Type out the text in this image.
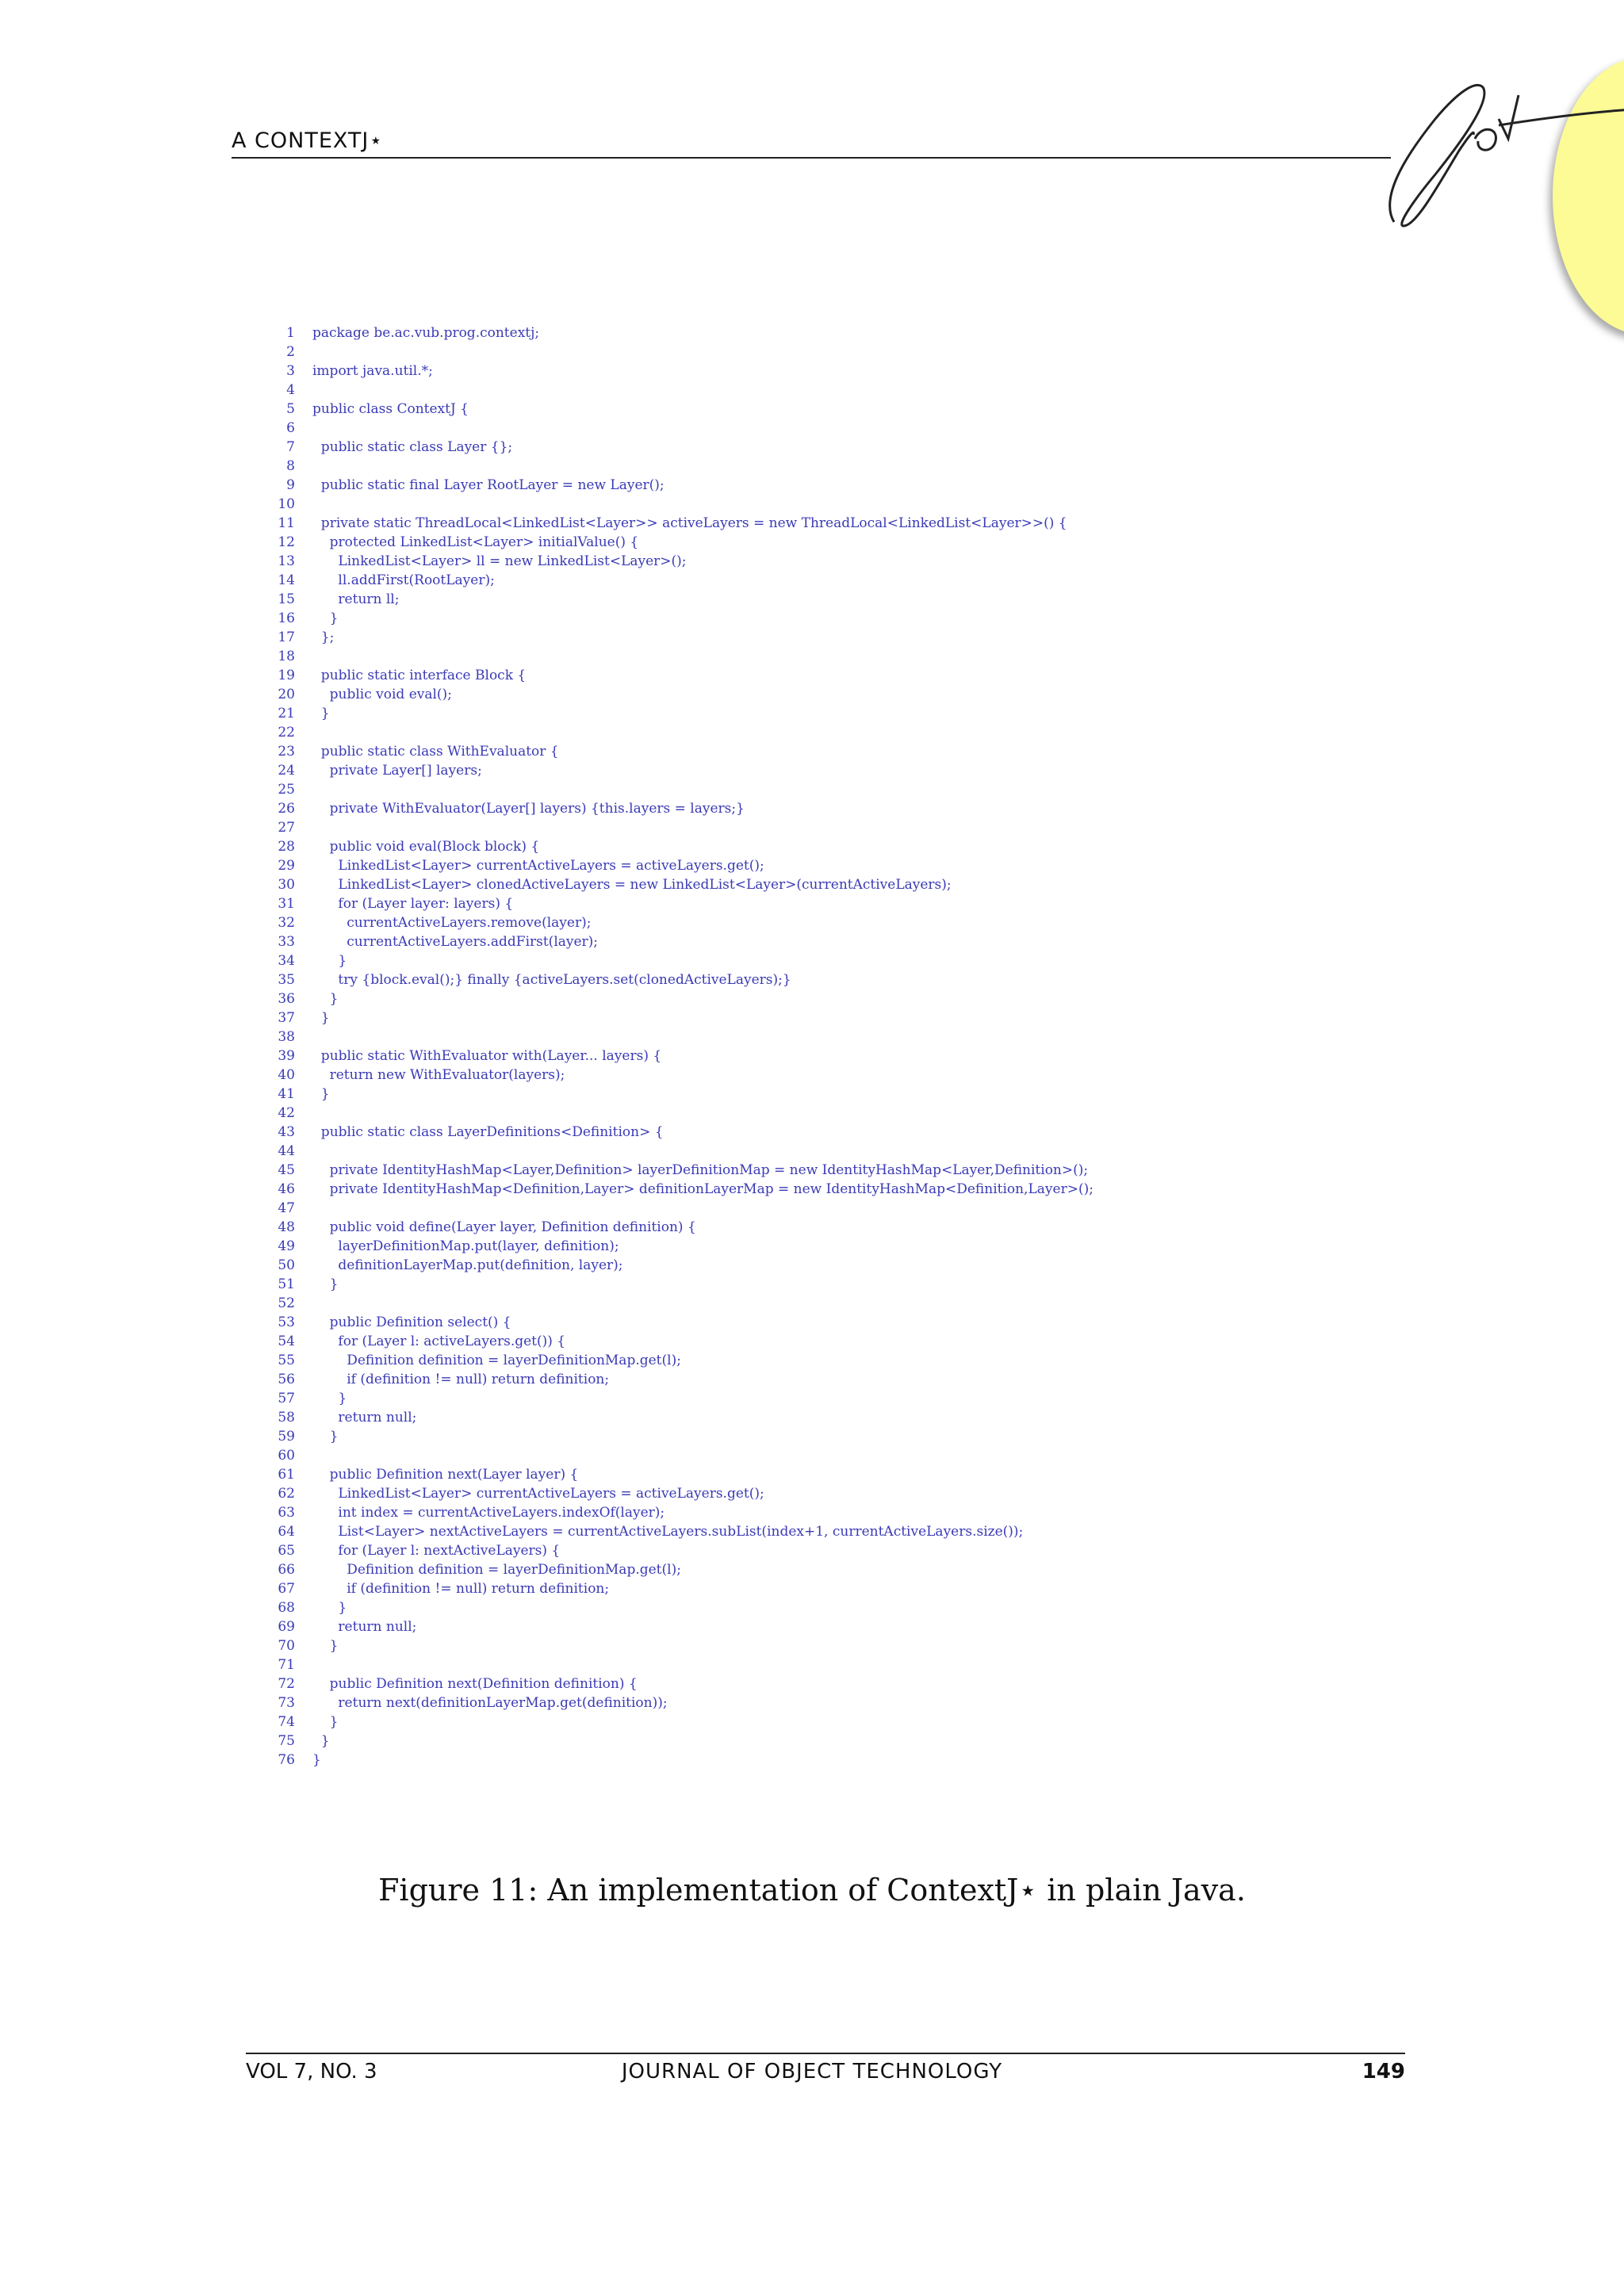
A CONTEXTJ⋆
1 package be.ac.vub.prog.contextj;
2
3 import java.util.*;
4
5 public class ContextJ {
6
7  public static class Layer {};
8
9  public static final Layer RootLayer = new Layer();
10
11  private static ThreadLocal<LinkedList<Layer>> activeLayers = new ThreadLocal<LinkedList<Layer>>() {
12    protected LinkedList<Layer> initialValue() {
13      LinkedList<Layer> ll = new LinkedList<Layer>();
14      ll.addFirst(RootLayer);
15      return ll;
16    }
17  };
18
19  public static interface Block {
20    public void eval();
21  }
22
23  public static class WithEvaluator {
24    private Layer[] layers;
25
26    private WithEvaluator(Layer[] layers) {this.layers = layers;}
27
28    public void eval(Block block) {
29      LinkedList<Layer> currentActiveLayers = activeLayers.get();
30      LinkedList<Layer> clonedActiveLayers = new LinkedList<Layer>(currentActiveLayers);
31      for (Layer layer: layers) {
32        currentActiveLayers.remove(layer);
33        currentActiveLayers.addFirst(layer);
34      }
35      try {block.eval();} finally {activeLayers.set(clonedActiveLayers);}
36    }
37  }
38
39  public static WithEvaluator with(Layer... layers) {
40    return new WithEvaluator(layers);
41  }
42
43  public static class LayerDefinitions<Definition> {
44
45    private IdentityHashMap<Layer,Definition> layerDefinitionMap = new IdentityHashMap<Layer,Definition>();
46    private IdentityHashMap<Definition,Layer> definitionLayerMap = new IdentityHashMap<Definition,Layer>();
47
48    public void define(Layer layer, Definition definition) {
49      layerDefinitionMap.put(layer, definition);
50      definitionLayerMap.put(definition, layer);
51    }
52
53    public Definition select() {
54      for (Layer l: activeLayers.get()) {
55        Definition definition = layerDefinitionMap.get(l);
56        if (definition != null) return definition;
57      }
58      return null;
59    }
60
61    public Definition next(Layer layer) {
62      LinkedList<Layer> currentActiveLayers = activeLayers.get();
63      int index = currentActiveLayers.indexOf(layer);
64      List<Layer> nextActiveLayers = currentActiveLayers.subList(index+1, currentActiveLayers.size());
65      for (Layer l: nextActiveLayers) {
66        Definition definition = layerDefinitionMap.get(l);
67        if (definition != null) return definition;
68      }
69      return null;
70    }
71
72    public Definition next(Definition definition) {
73      return next(definitionLayerMap.get(definition));
74    }
75  }
76 }
Figure 11: An implementation of ContextJ⋆ in plain Java.
VOL 7, NO. 3	JOURNAL OF OBJECT TECHNOLOGY	149
